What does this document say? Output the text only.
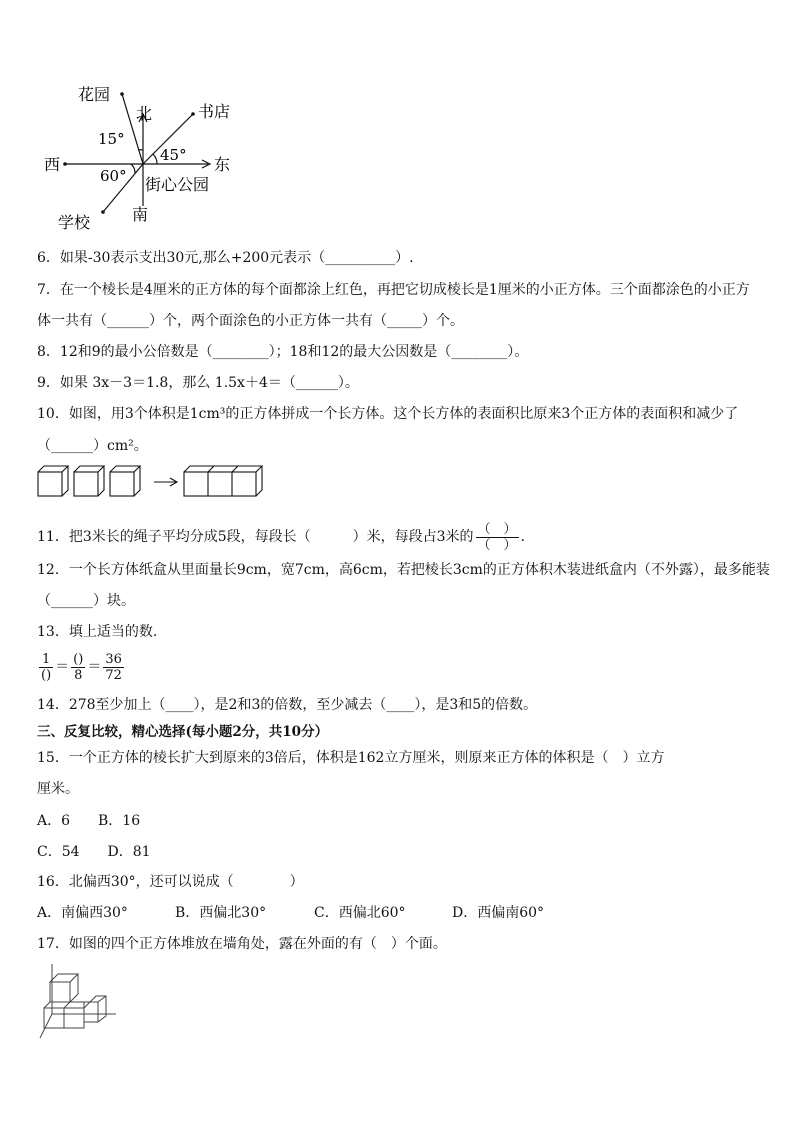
西	东
北
南
花园
书店
街心公园
学校
15°
45°
60°
6．如果-30表示支出30元,那么+200元表示（__________）.
7．在一个棱长是4厘米的正方体的每个面都涂上红色，再把它切成棱长是1厘米的小正方体。三个面都涂色的小正方
体一共有（______）个，两个面涂色的小正方体一共有（_____）个。
8．12和9的最小公倍数是（________）；18和12的最大公因数是（________）。
9．如果 3x－3＝1.8，那么 1.5x＋4＝（______）。
10．如图，用3个体积是1cm³的正方体拼成一个长方体。这个长方体的表面积比原来3个正方体的表面积和减少了
（______）cm²。
11．把3米长的绳子平均分成5段，每段长（　　　）米，每段占3米的 $\frac{( )}{( )}$ .
12．一个长方体纸盒从里面量长9cm，宽7cm，高6cm，若把棱长3cm的正方体积木装进纸盒内（不外露），最多能装
（______）块。
13．填上适当的数.
$\frac{1}{()} = \frac{()}{8} = \frac{36}{72}$
14．278至少加上（____），是2和3的倍数，至少减去（____），是3和5的倍数。
三、反复比较，精心选择(每小题2分，共10分）
15．一个正方体的棱长扩大到原来的3倍后，体积是162立方厘米，则原来正方体的体积是（　）立方
厘米。
A．6　　B．16
C．54　　D．81
16．北偏西30°，还可以说成（　　　　）
A．南偏西30°	B．西偏北30°	C．西偏北60°	D．西偏南60°
17．如图的四个正方体堆放在墙角处，露在外面的有（　）个面。
